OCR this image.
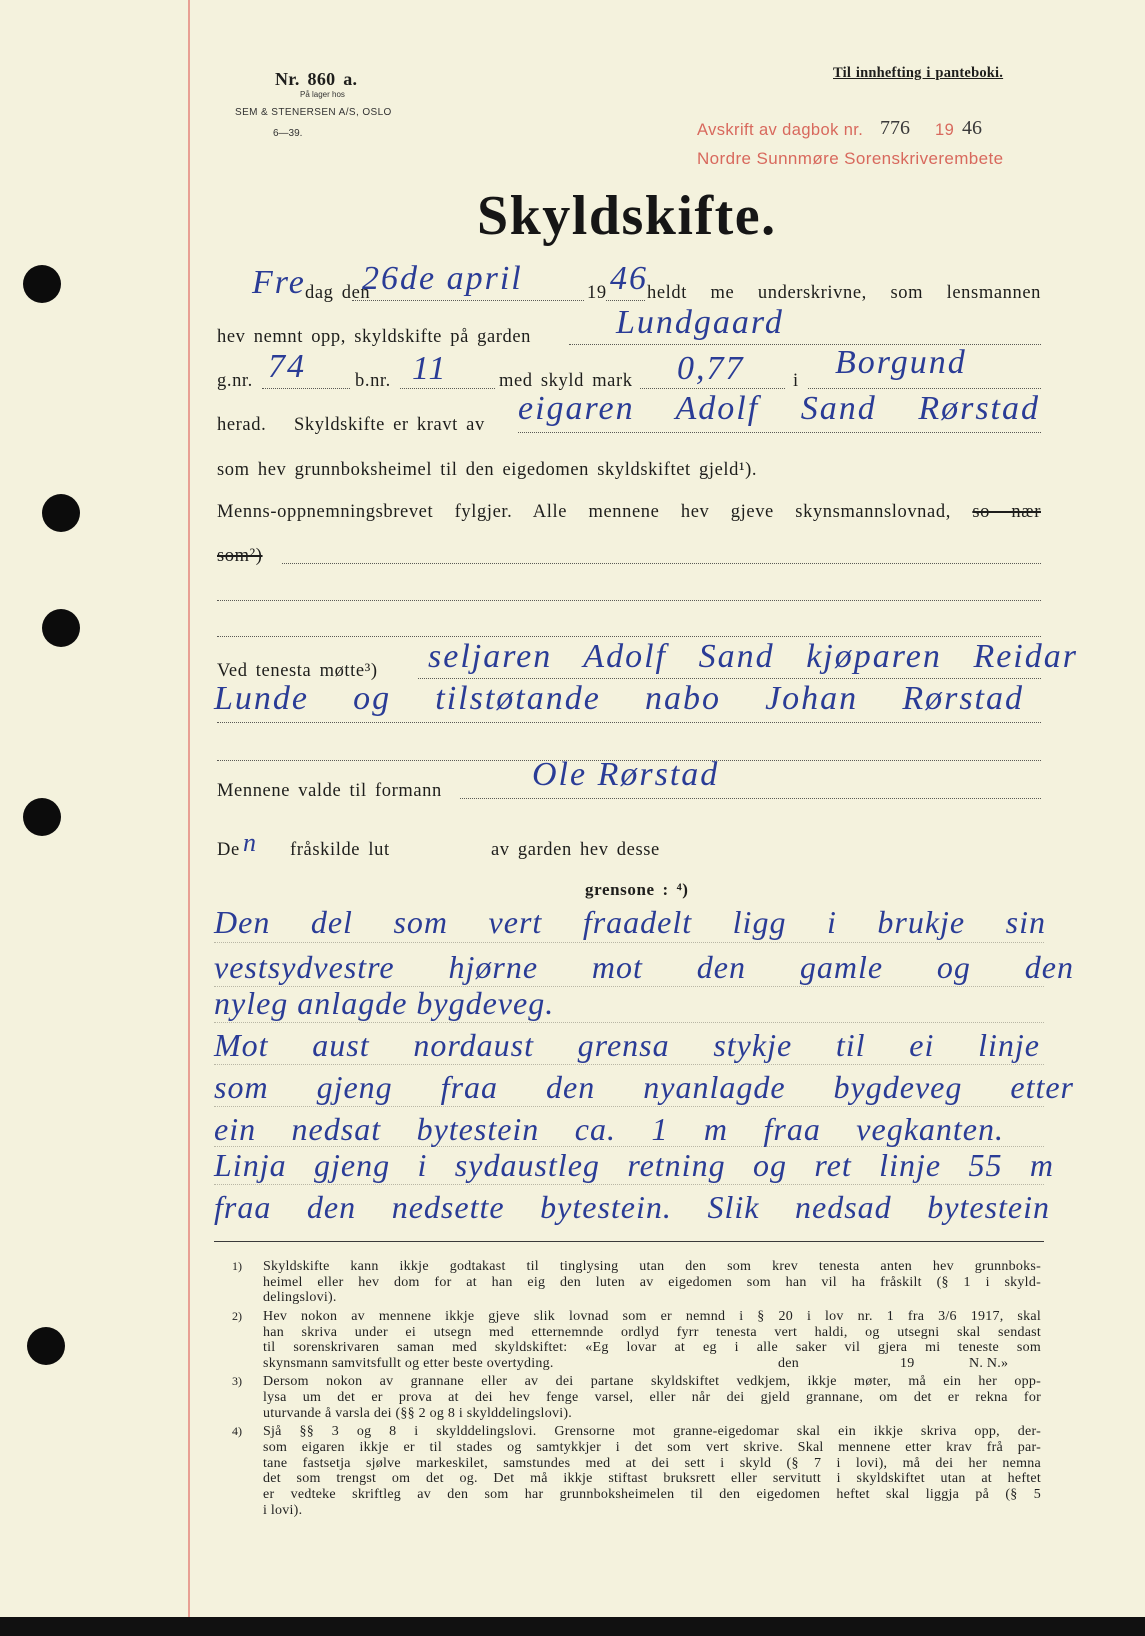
Nr. 860 a.
På lager hos
SEM & STENERSEN A/S, OSLO
6—39.
Til innhefting i panteboki.
Avskrift av dagbok nr. 776 19 46
Nordre Sunnmøre Sorenskriverembete
Skyldskifte.
Fre dag den
26de april	19 46 heldt me underskrivne, som lensmannen
hev nemnt opp, skyldskifte på garden Lundgaard
g.nr. 74	b.nr. 11	med skyld mark 0,77	i Borgund
herad. Skyldskifte er kravt av eigaren Adolf Sand Rørstad
som hev grunnboksheimel til den eigedomen skyldskiftet gjeld¹).
Menns-oppnemningsbrevet fylgjer. Alle mennene hev gjeve skynsmannslovnad, so nær
som²)
Ved tenesta møtte³) seljaren Adolf Sand kjøparen Reidar
Lunde og tilstøtande nabo Johan Rørstad
Mennene valde til formann	Ole Rørstad
De n fråskilde lut	av garden hev desse
grensone : ⁴)
Den del som vert fraadelt ligg i brukje sin
vestsydvestre hjørne mot den gamle og den
nyleg anlagde bygdeveg.
Mot aust nordaust grensa stykje til ei linje
som gjeng fraa den nyanlagde bygdeveg etter
ein nedsat bytestein ca. 1 m fraa vegkanten.
Linja gjeng i sydaustleg retning og ret linje 55 m
fraa den nedsette bytestein. Slik nedsad bytestein
1) Skyldskifte kann ikkje godtakast til tinglysing utan den som krev tenesta anten hev grunnboks-
heimel eller hev dom for at han eig den luten av eigedomen som han vil ha fråskilt (§ 1 i skyld-
delingslovi).
2) Hev nokon av mennene ikkje gjeve slik lovnad som er nemnd i § 20 i lov nr. 1 fra 3/6 1917, skal
han skriva under ei utsegn med etternemnde ordlyd fyrr tenesta vert haldi, og utsegni skal sendast
til sorenskrivaren saman med skyldskiftet: «Eg lovar at eg i alle saker vil gjera mi teneste som
skynsmann samvitsfullt og etter beste overtyding.	den	19	N. N.»
3) Dersom nokon av grannane eller av dei partane skyldskiftet vedkjem, ikkje møter, må ein her opp-
lysa um det er prova at dei hev fenge varsel, eller når dei gjeld grannane, om det er rekna for
uturvande å varsla dei (§§ 2 og 8 i skylddelingslovi).
4) Sjå §§ 3 og 8 i skylddelingslovi. Grensorne mot granne-eigedomar skal ein ikkje skriva opp, der-
som eigaren ikkje er til stades og samtykkjer i det som vert skrive. Skal mennene etter krav frå par-
tane fastsetja sjølve markeskilet, samstundes med at dei sett i skyld (§ 7 i lovi), må dei her nemna
det som trengst om det og. Det må ikkje stiftast bruksrett eller servitutt i skyldskiftet utan at heftet
er vedteke skriftleg av den som har grunnboksheimelen til den eigedomen heftet skal liggja på (§ 5
i lovi).
